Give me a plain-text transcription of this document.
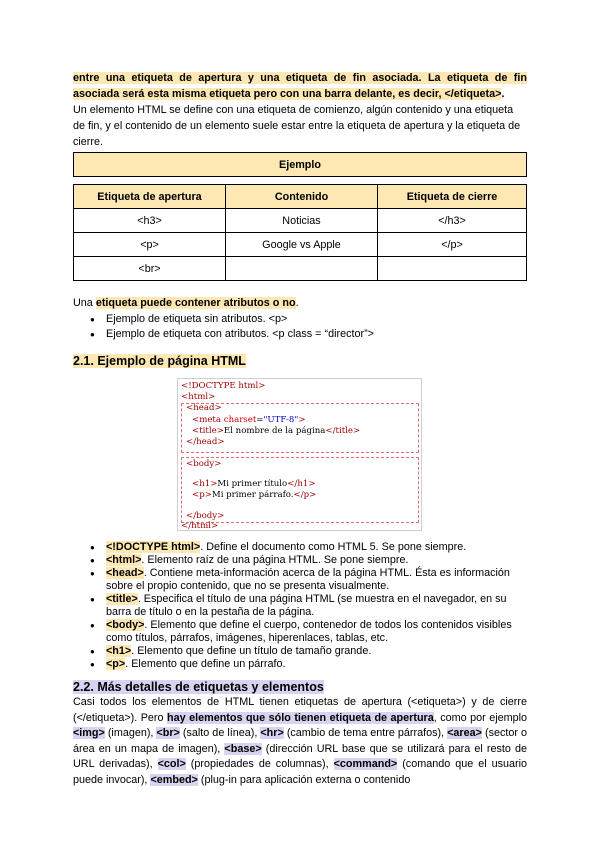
entre una etiqueta de apertura y una etiqueta de fin asociada. La etiqueta de fin asociada será esta misma etiqueta pero con una barra delante, es decir, </etiqueta>.

Un elemento HTML se define con una etiqueta de comienzo, algún contenido y una etiqueta de fin, y el contenido de un elemento suele estar entre la etiqueta de apertura y la etiqueta de cierre.

Ejemplo		

Etiqueta de apertura	Contenido	Etiqueta de cierre
<h3>	Noticias	</h3>
<p>	Google vs Apple	</p>
<br>		

Una etiqueta puede contener atributos o no.

● Ejemplo de etiqueta sin atributos. <p>
● Ejemplo de etiqueta con atributos. <p class = “director”>
2.1. Ejemplo de página HTML
<!DOCTYPE html>
<html>
<head>
<meta charset="UTF-8">
<title>El nombre de la página</title>
</head>
<body>
<h1>Mi primer título</h1>
<p>Mi primer párrafo.</p>
</body>
</html>
● <!DOCTYPE html>. Define el documento como HTML 5. Se pone siempre.
● <html>. Elemento raíz de una página HTML. Se pone siempre.
● <head>. Contiene meta-información acerca de la página HTML. Ésta es información sobre el propio contenido, que no se presenta visualmente.
● <title>. Especifica el título de una página HTML (se muestra en el navegador, en su barra de título o en la pestaña de la página.
● <body>. Elemento que define el cuerpo, contenedor de todos los contenidos visibles como títulos, párrafos, imágenes, hiperenlaces, tablas, etc.
● <h1>. Elemento que define un título de tamaño grande.
● <p>. Elemento que define un párrafo.
2.2. Más detalles de etiquetas y elementos

Casi todos los elementos de HTML tienen etiquetas de apertura (<etiqueta>) y de cierre (</etiqueta>). Pero hay elementos que sólo tienen etiqueta de apertura, como por ejemplo <img> (imagen), <br> (salto de línea), <hr> (cambio de tema entre párrafos), <area> (sector o área en un mapa de imagen), <base> (dirección URL base que se utilizará para el resto de URL derivadas), <col> (propiedades de columnas), <command> (comando que el usuario puede invocar), <embed> (plug-in para aplicación externa o contenido
